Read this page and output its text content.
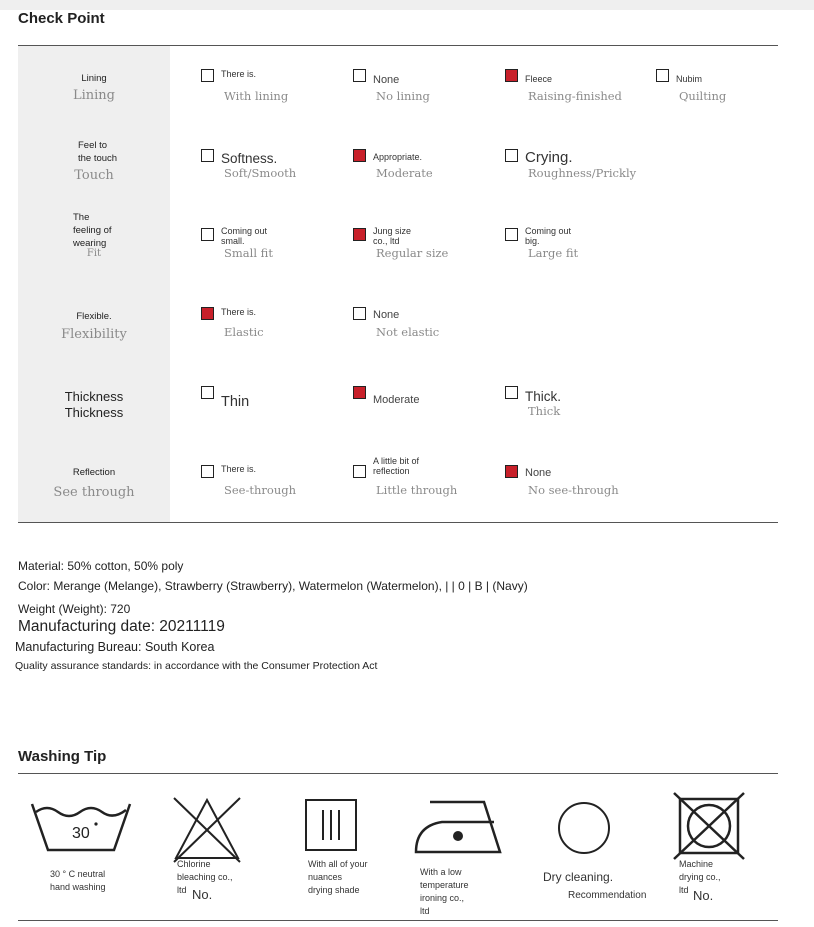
Check Point
Lining
Lining
There is.
With lining
None
No lining
Fleece
Raising-finished
Nubim
Quilting
Feel to the touch
Touch
Softness.
Soft/Smooth
Appropriate.
Moderate
Crying.
Roughness/Prickly
The feeling of wearing
Fit
Coming out small.
Small fit
Jung size co., ltd
Regular size
Coming out big.
Large fit
Flexible.
Flexibility
There is.
Elastic
None
Not elastic
Thickness
Thickness
Thin	Moderate	Thick.
Thick
Reflection
See through
There is.
See-through
A little bit of reflection
Little through
None
No see-through
Material: 50% cotton, 50% poly
Color: Merange (Melange), Strawberry (Strawberry), Watermelon (Watermelon), | | 0 | B | (Navy)
Weight (Weight): 720
Manufacturing date: 20211119
Manufacturing Bureau: South Korea
Quality assurance standards: in accordance with the Consumer Protection Act
Washing Tip
30
30 ° C neutral hand washing
Chlorine bleaching co., ltd No.
With all of your nuances drying shade
With a low temperature ironing co., ltd
Dry cleaning.
Recommendation
Machine drying co., ltd No.
